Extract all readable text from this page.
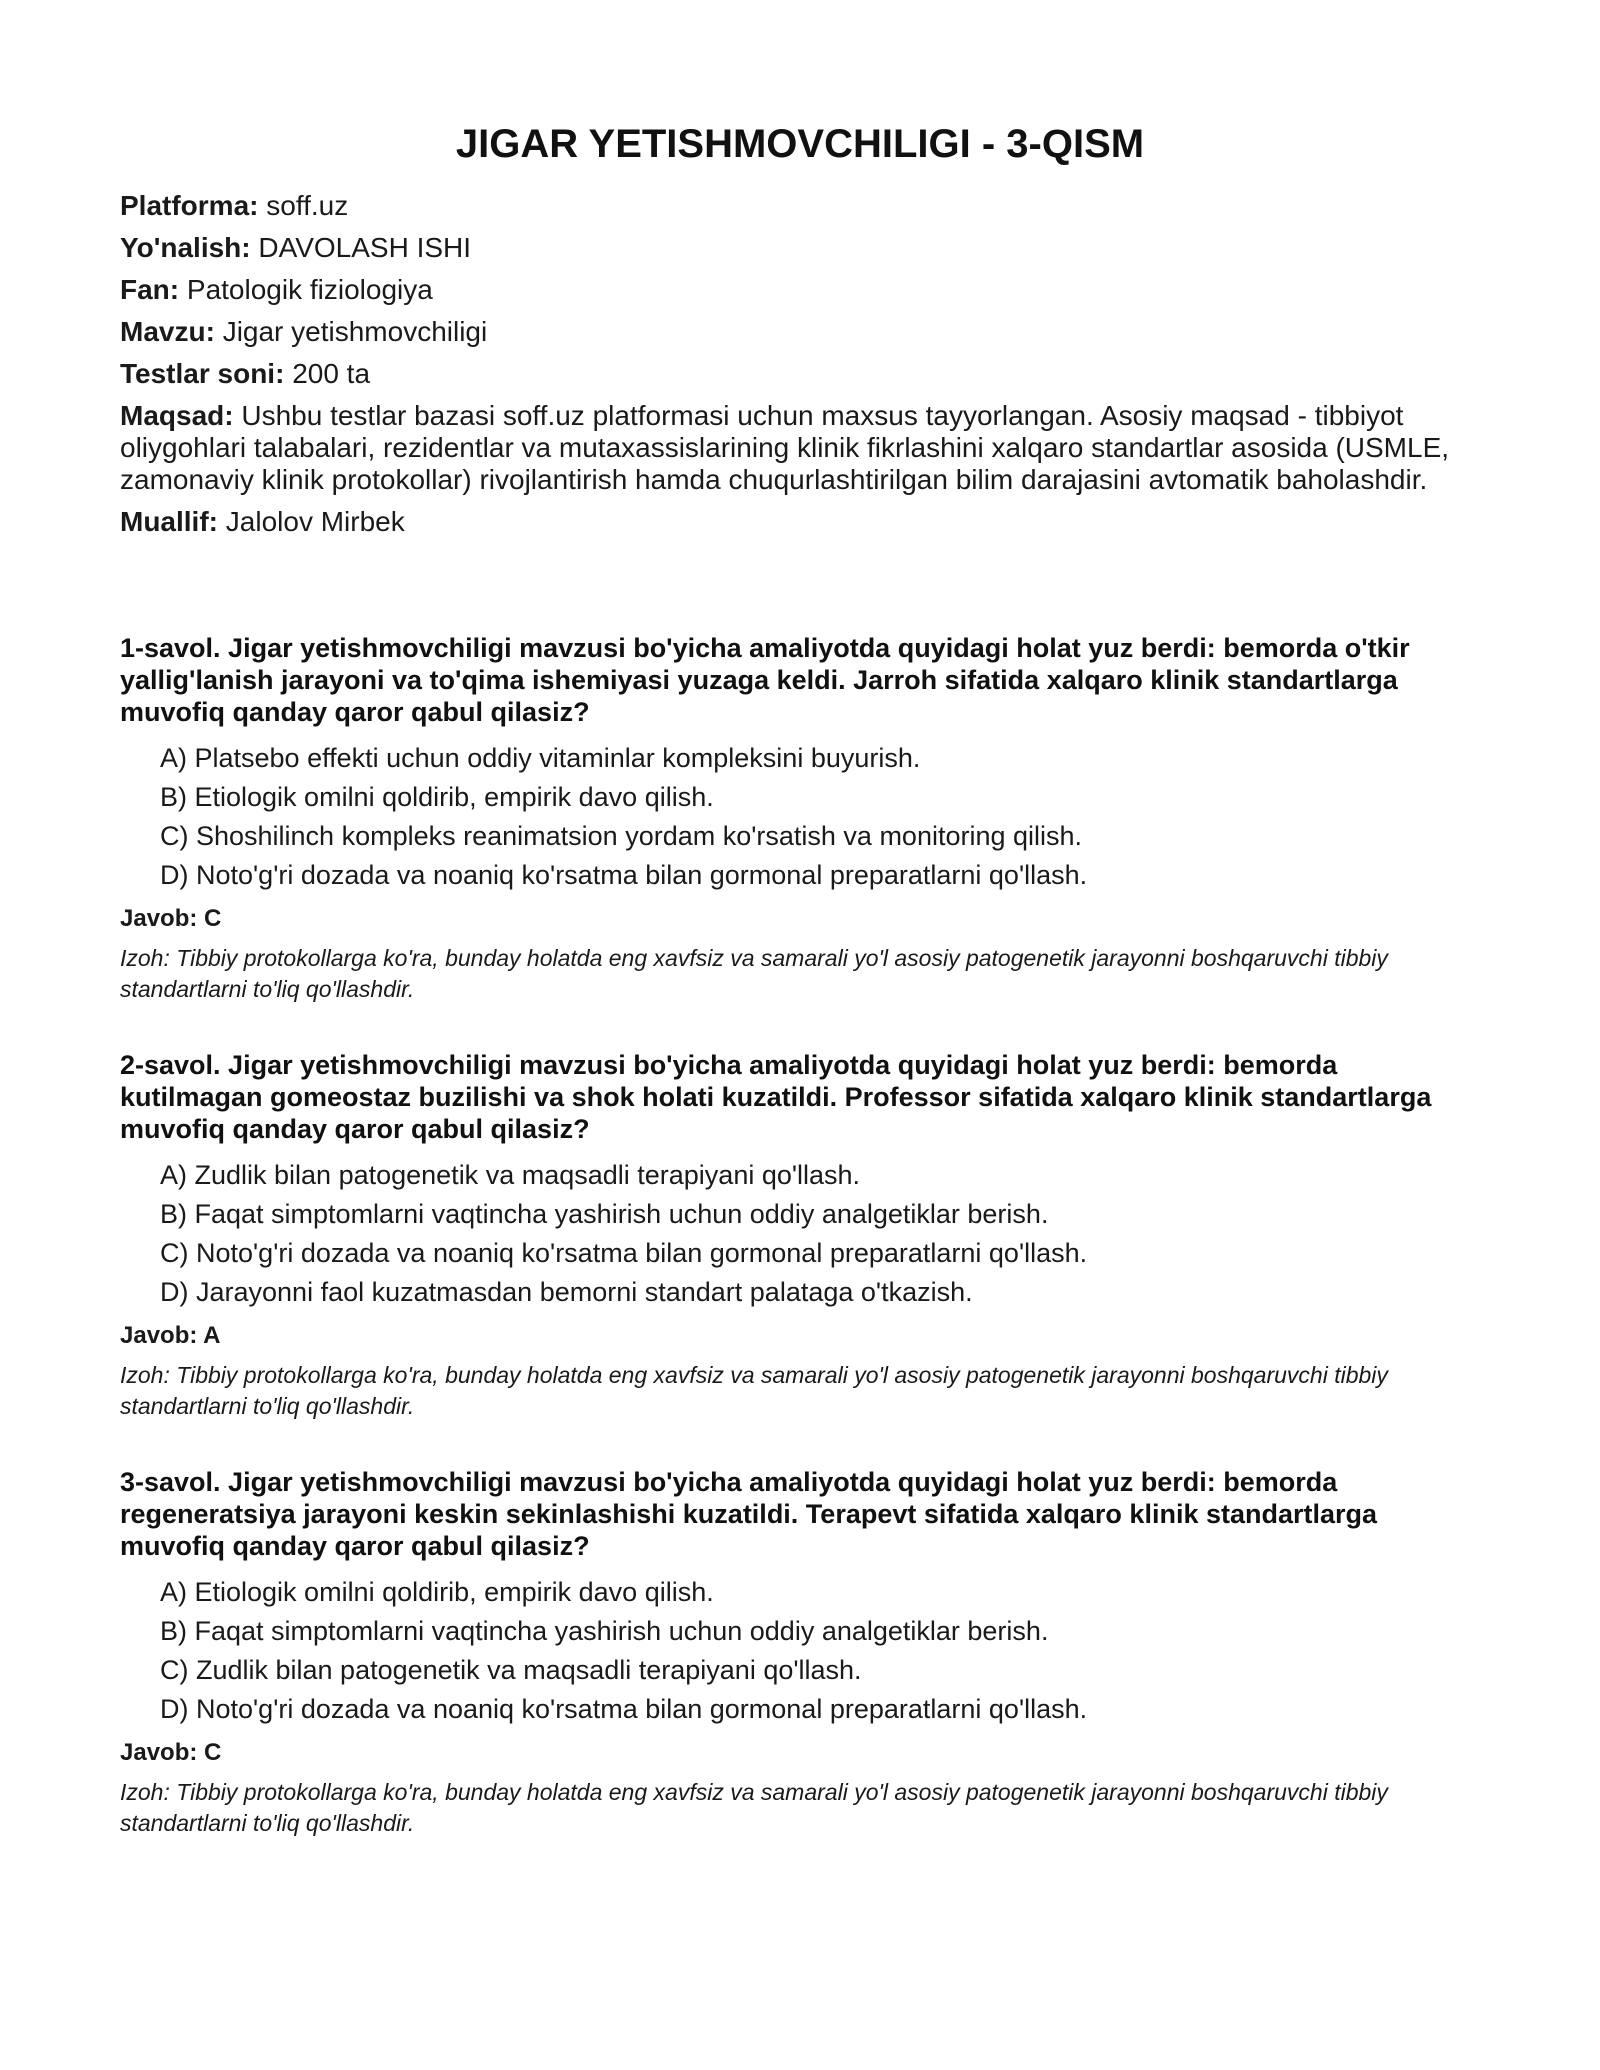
JIGAR YETISHMOVCHILIGI - 3-QISM

Platforma: soff.uz

Yo'nalish: DAVOLASH ISHI

Fan: Patologik fiziologiya

Mavzu: Jigar yetishmovchiligi

Testlar soni: 200 ta

Maqsad: Ushbu testlar bazasi soff.uz platformasi uchun maxsus tayyorlangan. Asosiy maqsad - tibbiyot oliygohlari talabalari, rezidentlar va mutaxassislarining klinik fikrlashini xalqaro standartlar asosida (USMLE, zamonaviy klinik protokollar) rivojlantirish hamda chuqurlashtirilgan bilim darajasini avtomatik baholashdir.

Muallif: Jalolov Mirbek

1-savol. Jigar yetishmovchiligi mavzusi bo'yicha amaliyotda quyidagi holat yuz berdi: bemorda o'tkir yallig'lanish jarayoni va to'qima ishemiyasi yuzaga keldi. Jarroh sifatida xalqaro klinik standartlarga muvofiq qanday qaror qabul qilasiz?

A) Platsebo effekti uchun oddiy vitaminlar kompleksini buyurish.

B) Etiologik omilni qoldirib, empirik davo qilish.

C) Shoshilinch kompleks reanimatsion yordam ko'rsatish va monitoring qilish.

D) Noto'g'ri dozada va noaniq ko'rsatma bilan gormonal preparatlarni qo'llash.

Javob: C

Izoh: Tibbiy protokollarga ko'ra, bunday holatda eng xavfsiz va samarali yo'l asosiy patogenetik jarayonni boshqaruvchi tibbiy standartlarni to'liq qo'llashdir.

2-savol. Jigar yetishmovchiligi mavzusi bo'yicha amaliyotda quyidagi holat yuz berdi: bemorda kutilmagan gomeostaz buzilishi va shok holati kuzatildi. Professor sifatida xalqaro klinik standartlarga muvofiq qanday qaror qabul qilasiz?

A) Zudlik bilan patogenetik va maqsadli terapiyani qo'llash.

B) Faqat simptomlarni vaqtincha yashirish uchun oddiy analgetiklar berish.

C) Noto'g'ri dozada va noaniq ko'rsatma bilan gormonal preparatlarni qo'llash.

D) Jarayonni faol kuzatmasdan bemorni standart palataga o'tkazish.

Javob: A

Izoh: Tibbiy protokollarga ko'ra, bunday holatda eng xavfsiz va samarali yo'l asosiy patogenetik jarayonni boshqaruvchi tibbiy standartlarni to'liq qo'llashdir.

3-savol. Jigar yetishmovchiligi mavzusi bo'yicha amaliyotda quyidagi holat yuz berdi: bemorda regeneratsiya jarayoni keskin sekinlashishi kuzatildi. Terapevt sifatida xalqaro klinik standartlarga muvofiq qanday qaror qabul qilasiz?

A) Etiologik omilni qoldirib, empirik davo qilish.

B) Faqat simptomlarni vaqtincha yashirish uchun oddiy analgetiklar berish.

C) Zudlik bilan patogenetik va maqsadli terapiyani qo'llash.

D) Noto'g'ri dozada va noaniq ko'rsatma bilan gormonal preparatlarni qo'llash.

Javob: C

Izoh: Tibbiy protokollarga ko'ra, bunday holatda eng xavfsiz va samarali yo'l asosiy patogenetik jarayonni boshqaruvchi tibbiy standartlarni to'liq qo'llashdir.
